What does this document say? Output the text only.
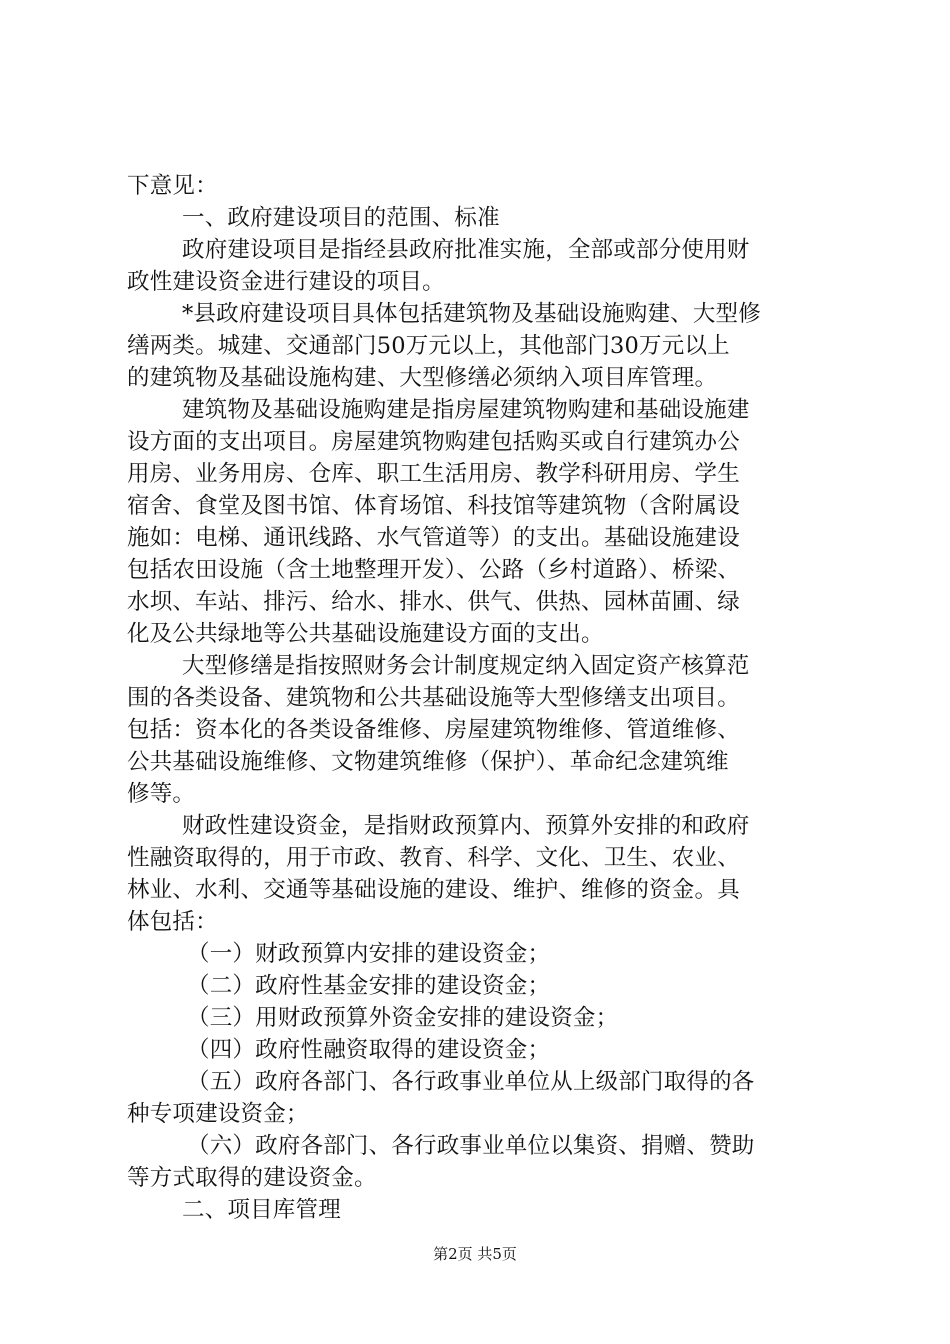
下意见：
一、政府建设项目的范围、标准
政府建设项目是指经县政府批准实施，全部或部分使用财
政性建设资金进行建设的项目。
*县政府建设项目具体包括建筑物及基础设施购建、大型修
缮两类。城建、交通部门50万元以上，其他部门30万元以上
的建筑物及基础设施构建、大型修缮必须纳入项目库管理。
建筑物及基础设施购建是指房屋建筑物购建和基础设施建
设方面的支出项目。房屋建筑物购建包括购买或自行建筑办公
用房、业务用房、仓库、职工生活用房、教学科研用房、学生
宿舍、食堂及图书馆、体育场馆、科技馆等建筑物（含附属设
施如：电梯、通讯线路、水气管道等）的支出。基础设施建设
包括农田设施（含土地整理开发）、公路（乡村道路）、桥梁、
水坝、车站、排污、给水、排水、供气、供热、园林苗圃、绿
化及公共绿地等公共基础设施建设方面的支出。
大型修缮是指按照财务会计制度规定纳入固定资产核算范
围的各类设备、建筑物和公共基础设施等大型修缮支出项目。
包括：资本化的各类设备维修、房屋建筑物维修、管道维修、
公共基础设施维修、文物建筑维修（保护）、革命纪念建筑维
修等。
财政性建设资金，是指财政预算内、预算外安排的和政府
性融资取得的，用于市政、教育、科学、文化、卫生、农业、
林业、水利、交通等基础设施的建设、维护、维修的资金。具
体包括：
（一）财政预算内安排的建设资金；
（二）政府性基金安排的建设资金；
（三）用财政预算外资金安排的建设资金；
（四）政府性融资取得的建设资金；
（五）政府各部门、各行政事业单位从上级部门取得的各
种专项建设资金；
（六）政府各部门、各行政事业单位以集资、捐赠、赞助
等方式取得的建设资金。
二、项目库管理
第2页 共5页
